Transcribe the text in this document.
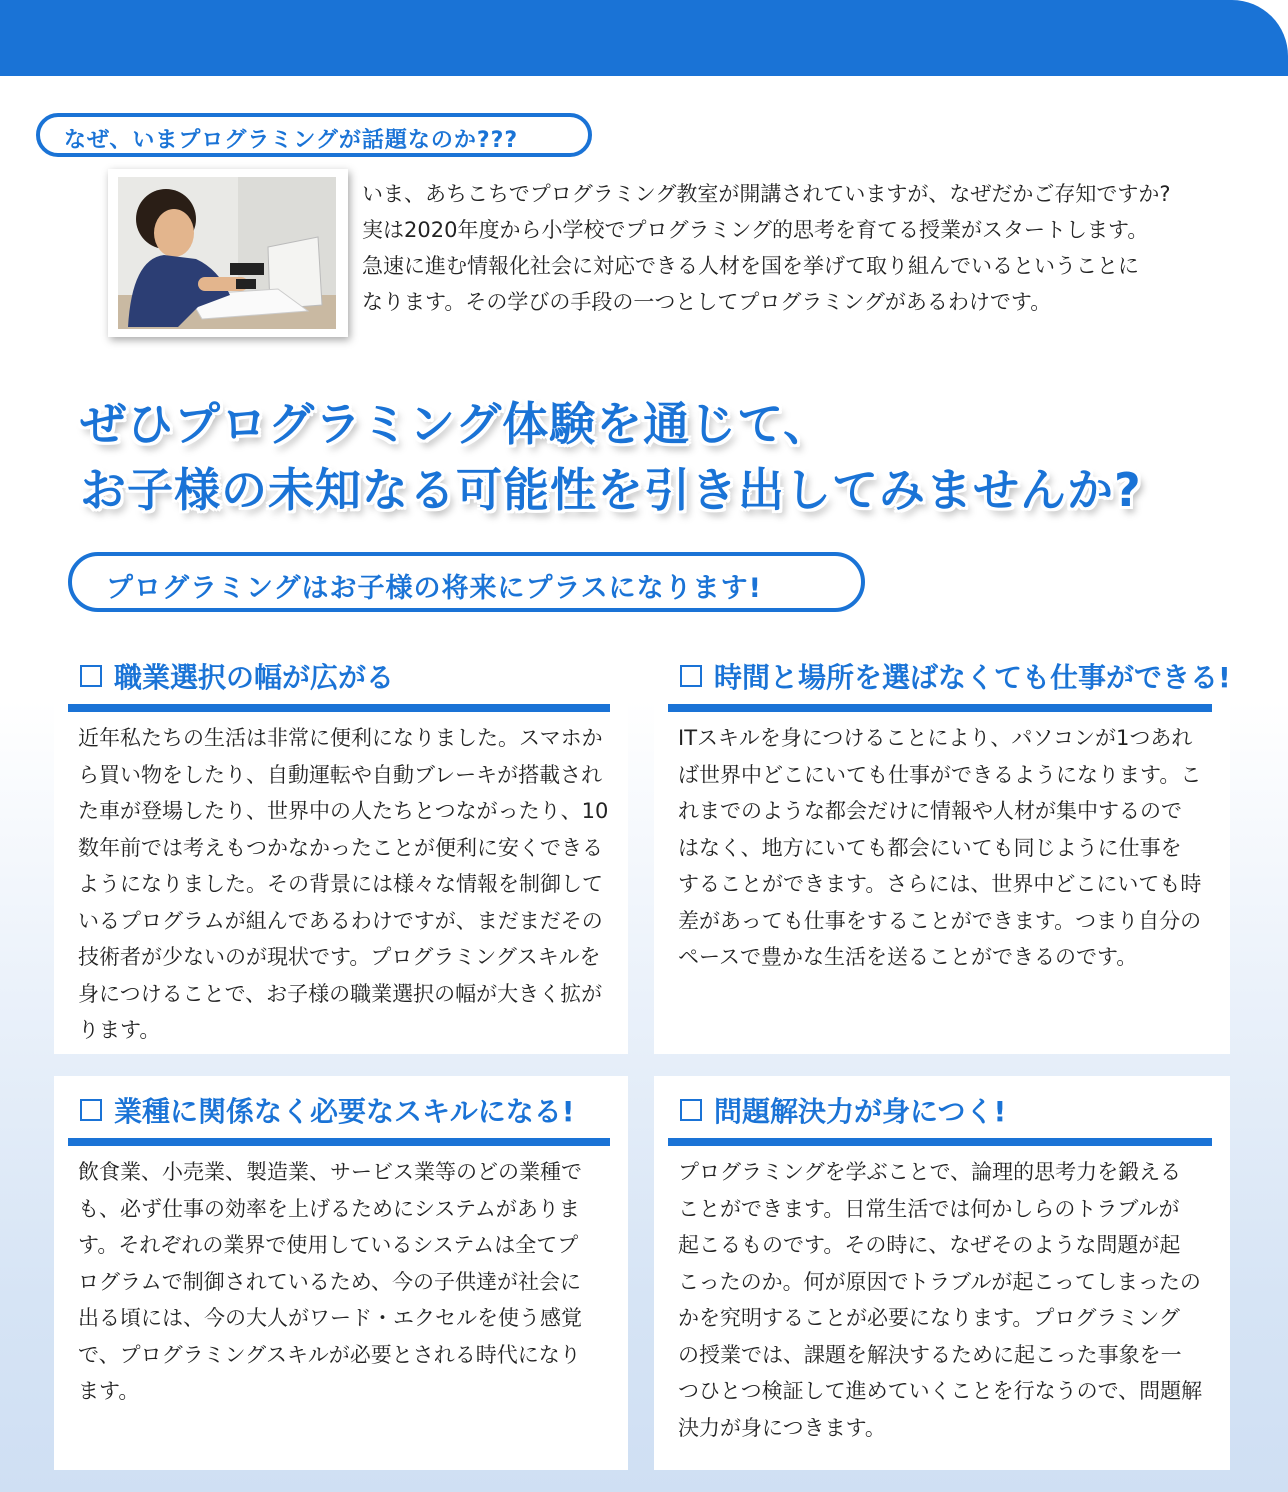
なぜ、いまプログラミングが話題なのか???
いま、あちこちでプログラミング教室が開講されていますが、なぜだかご存知ですか?
実は2020年度から小学校でプログラミング的思考を育てる授業がスタートします。
急速に進む情報化社会に対応できる人材を国を挙げて取り組んでいるということに
なります。その学びの手段の一つとしてプログラミングがあるわけです。
ぜひプログラミング体験を通じて、
お子様の未知なる可能性を引き出してみませんか?
プログラミングはお子様の将来にプラスになります!
職業選択の幅が広がる
近年私たちの生活は非常に便利になりました。スマホか
ら買い物をしたり、自動運転や自動ブレーキが搭載され
た車が登場したり、世界中の人たちとつながったり、10
数年前では考えもつかなかったことが便利に安くできる
ようになりました。その背景には様々な情報を制御して
いるプログラムが組んであるわけですが、まだまだその
技術者が少ないのが現状です。プログラミングスキルを
身につけることで、お子様の職業選択の幅が大きく拡が
ります。
時間と場所を選ばなくても仕事ができる!
ITスキルを身につけることにより、パソコンが1つあれ
ば世界中どこにいても仕事ができるようになります。こ
れまでのような都会だけに情報や人材が集中するので
はなく、地方にいても都会にいても同じように仕事を
することができます。さらには、世界中どこにいても時
差があっても仕事をすることができます。つまり自分の
ペースで豊かな生活を送ることができるのです。
業種に関係なく必要なスキルになる!
飲食業、小売業、製造業、サービス業等のどの業種で
も、必ず仕事の効率を上げるためにシステムがありま
す。それぞれの業界で使用しているシステムは全てプ
ログラムで制御されているため、今の子供達が社会に
出る頃には、今の大人がワード・エクセルを使う感覚
で、プログラミングスキルが必要とされる時代になり
ます。
問題解決力が身につく!
プログラミングを学ぶことで、論理的思考力を鍛える
ことができます。日常生活では何かしらのトラブルが
起こるものです。その時に、なぜそのような問題が起
こったのか。何が原因でトラブルが起こってしまったの
かを究明することが必要になります。プログラミング
の授業では、課題を解決するために起こった事象を一
つひとつ検証して進めていくことを行なうので、問題解
決力が身につきます。
